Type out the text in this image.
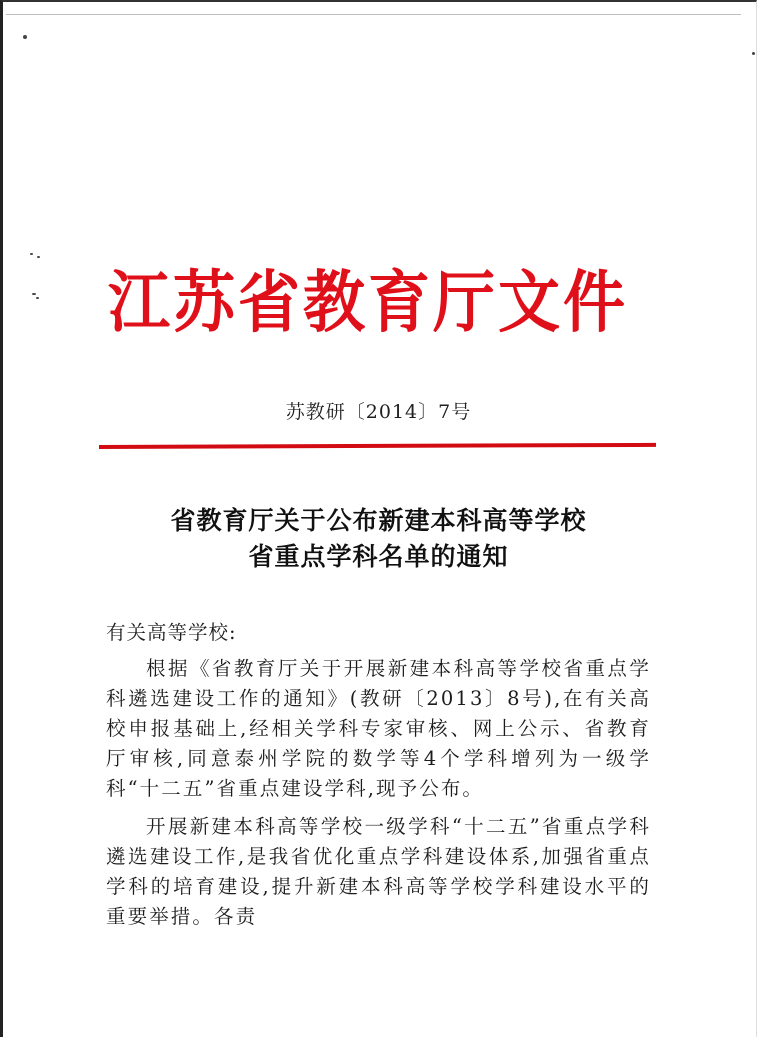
江苏省教育厅文件
苏教研〔2014〕7号
省教育厅关于公布新建本科高等学校
省重点学科名单的通知

有关高等学校:

根据《省教育厅关于开展新建本科高等学校省重点学科遴选建设工作的通知》(教研〔2013〕8号),在有关高校申报基础上,经相关学科专家审核、网上公示、省教育厅审核,同意泰州学院的数学等4个学科增列为一级学科“十二五”省重点建设学科,现予公布。

开展新建本科高等学校一级学科“十二五”省重点学科遴选建设工作,是我省优化重点学科建设体系,加强省重点学科的培育建设,提升新建本科高等学校学科建设水平的重要举措。各责
